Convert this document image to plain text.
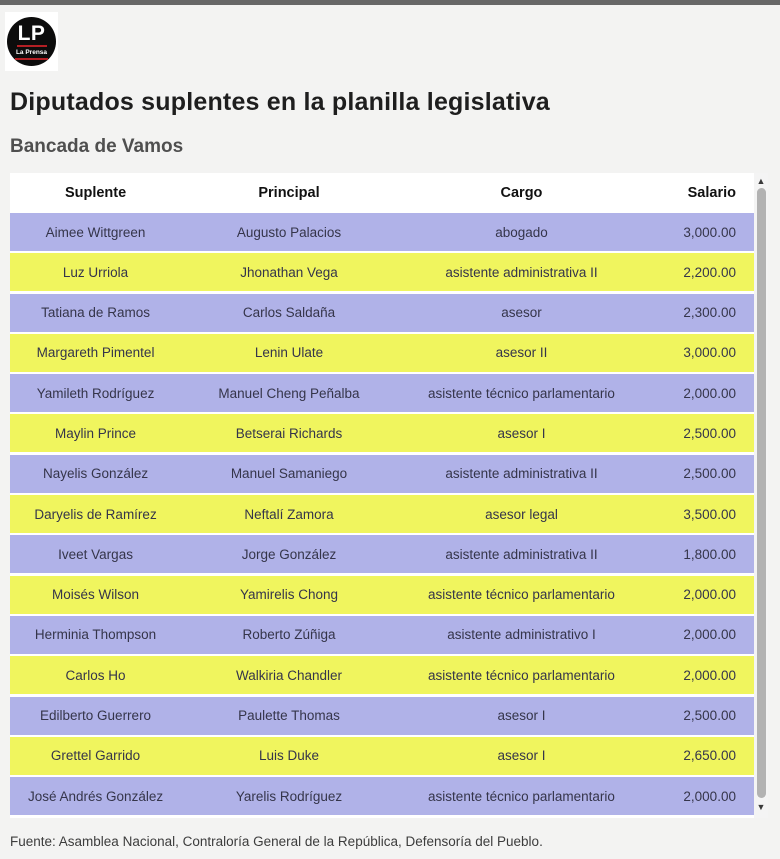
LP
La Prensa
Diputados suplentes en la planilla legislativa
Bancada de Vamos
Suplente	Principal	Cargo	Salario
Aimee Wittgreen	Augusto Palacios	abogado	3,000.00
Luz Urriola	Jhonathan Vega	asistente administrativa II	2,200.00
Tatiana de Ramos	Carlos Saldaña	asesor	2,300.00
Margareth Pimentel	Lenin Ulate	asesor II	3,000.00
Yamileth Rodríguez	Manuel Cheng Peñalba	asistente técnico parlamentario	2,000.00
Maylin Prince	Betserai Richards	asesor I	2,500.00
Nayelis González	Manuel Samaniego	asistente administrativa II	2,500.00
Daryelis de Ramírez	Neftalí Zamora	asesor legal	3,500.00
Iveet Vargas	Jorge González	asistente administrativa II	1,800.00
Moisés Wilson	Yamirelis Chong	asistente técnico parlamentario	2,000.00
Herminia Thompson	Roberto Zúñiga	asistente administrativo I	2,000.00
Carlos Ho	Walkiria Chandler	asistente técnico parlamentario	2,000.00
Edilberto Guerrero	Paulette Thomas	asesor I	2,500.00
Grettel Garrido	Luis Duke	asesor I	2,650.00
José Andrés González	Yarelis Rodríguez	asistente técnico parlamentario	2,000.00
▲
▼
Fuente: Asamblea Nacional, Contraloría General de la República, Defensoría del Pueblo.
